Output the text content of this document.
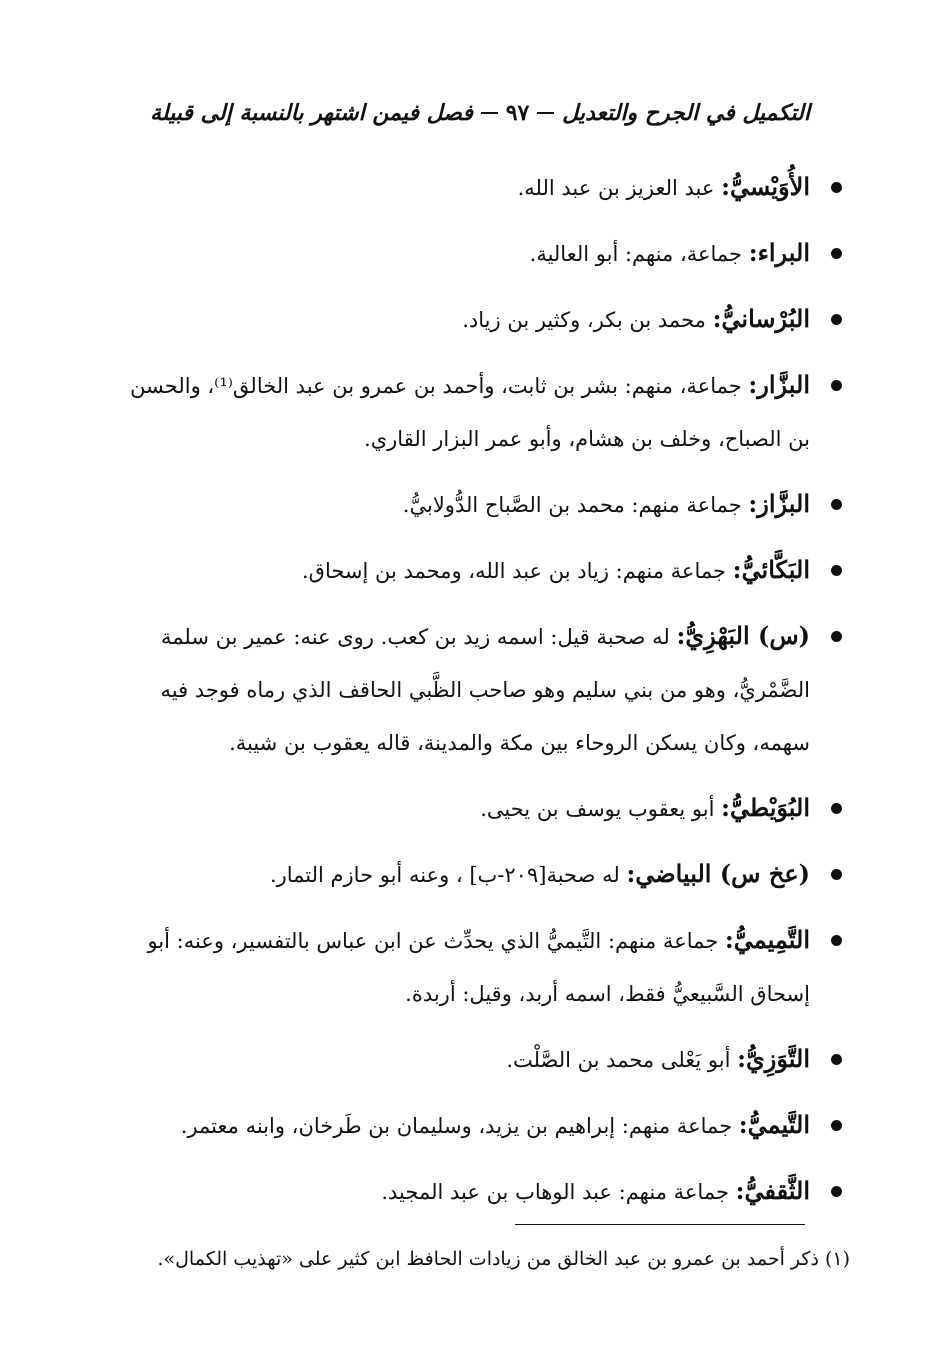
التكميل في الجرح والتعديل
٩٧
فصل فيمن اشتهر بالنسبة إلى قبيلة
الأُوَيْسيُّ: عبد العزيز بن عبد الله.
البراء: جماعة، منهم: أبو العالية.
البُرْسانيُّ: محمد بن بكر، وكثير بن زياد.
البزَّار: جماعة، منهم: بشر بن ثابت، وأحمد بن عمرو بن عبد الخالق⁽¹⁾، والحسن بن الصباح، وخلف بن هشام، وأبو عمر البزار القاري.
البزَّاز: جماعة منهم: محمد بن الصَّباح الدُّولابيُّ.
البَكَّائيُّ: جماعة منهم: زياد بن عبد الله، ومحمد بن إسحاق.
(س) البَهْزِيُّ: له صحبة قيل: اسمه زيد بن كعب. روى عنه: عمير بن سلمة الضَّمْريُّ، وهو من بني سليم وهو صاحب الظَّبي الحاقف الذي رماه فوجد فيه سهمه، وكان يسكن الروحاء بين مكة والمدينة، قاله يعقوب بن شيبة.
البُوَيْطيُّ: أبو يعقوب يوسف بن يحيى.
(عخ س) البياضي: له صحبة[٢٠٩-ب] ، وعنه أبو حازم التمار.
التَّمِيميُّ: جماعة منهم: التَّيميُّ الذي يحدِّث عن ابن عباس بالتفسير، وعنه: أبو إسحاق السَّبيعيُّ فقط، اسمه أربد، وقيل: أربدة.
التَّوَزِيُّ: أبو يَعْلى محمد بن الصَّلْت.
التَّيميُّ: جماعة منهم: إبراهيم بن يزيد، وسليمان بن طَرخان، وابنه معتمر.
الثَّقفيُّ: جماعة منهم: عبد الوهاب بن عبد المجيد.
(١) ذكر أحمد بن عمرو بن عبد الخالق من زيادات الحافظ ابن كثير على «تهذيب الكمال».
